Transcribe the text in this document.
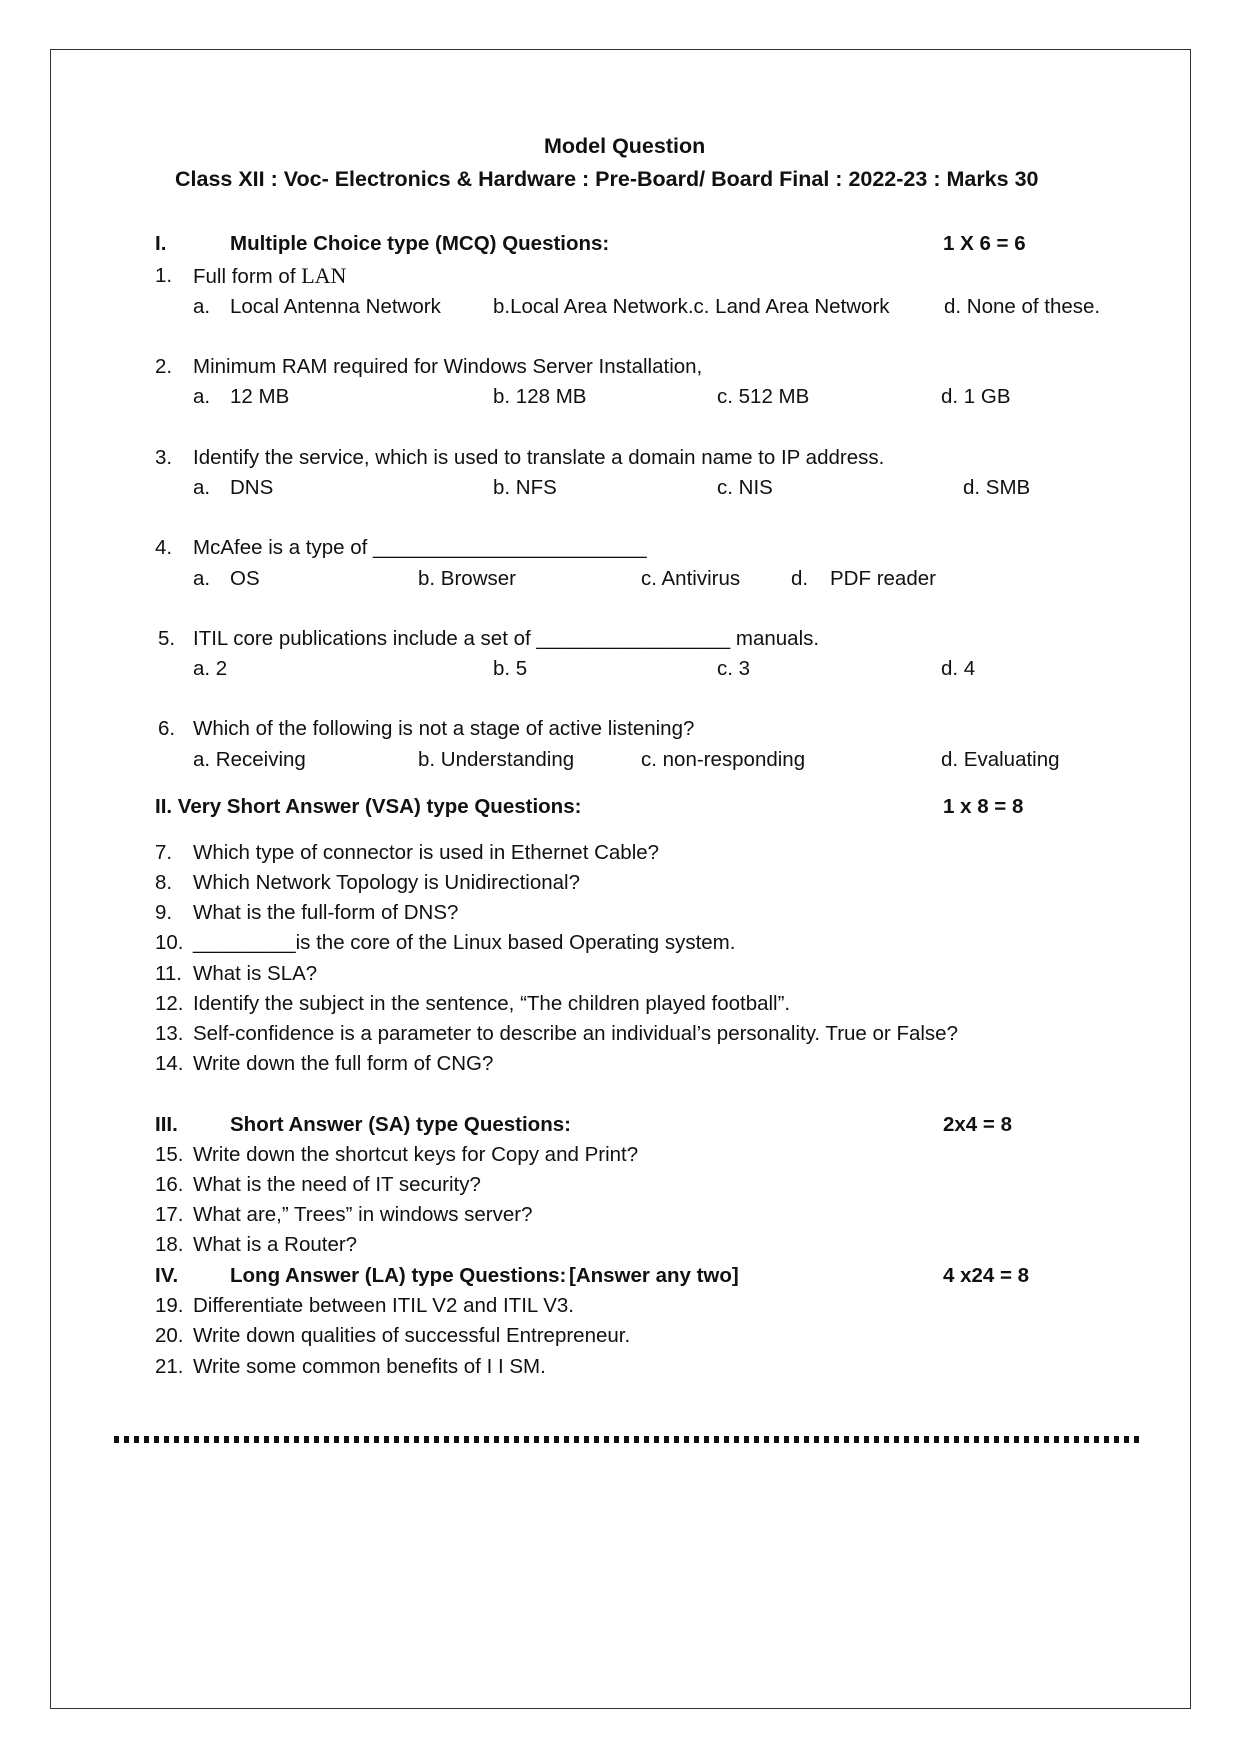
Model Question
Class XII : Voc- Electronics & Hardware : Pre-Board/ Board Final : 2022-23 : Marks 30
I.	Multiple Choice type (MCQ) Questions:	1 X 6 = 6
1. Full form of LAN
a. Local Antenna Network	b.Local Area Network.c. Land Area Network	d. None of these.
2. Minimum RAM required for Windows Server Installation,
a. 12 MB	b. 128 MB	c. 512 MB	d. 1 GB
3. Identify the service, which is used to translate a domain name to IP address.
a. DNS	b. NFS	c. NIS	d. SMB
4. McAfee is a type of ________________________
a. OS	b. Browser	c. Antivirus d. PDF reader
5. ITIL core publications include a set of _________________ manuals.
a. 2	b. 5	c. 3	d. 4
6. Which of the following is not a stage of active listening?
a. Receiving	b. Understanding	c. non-responding	d. Evaluating
II. Very Short Answer (VSA) type Questions:	1 x 8 = 8
7. Which type of connector is used in Ethernet Cable?
8. Which Network Topology is Unidirectional?
9. What is the full-form of DNS?
10. _________is the core of the Linux based Operating system.
11. What is SLA?
12. Identify the subject in the sentence, “The children played football”.
13. Self-confidence is a parameter to describe an individual’s personality. True or False?
14. Write down the full form of CNG?
III.	Short Answer (SA) type Questions:	2x4 = 8
15. Write down the shortcut keys for Copy and Print?
16. What is the need of IT security?
17. What are,” Trees” in windows server?
18. What is a Router?
IV.	Long Answer (LA) type Questions: [Answer any two]	4 x24 = 8
19. Differentiate between ITIL V2 and ITIL V3.
20. Write down qualities of successful Entrepreneur.
21. Write some common benefits of I I SM.
